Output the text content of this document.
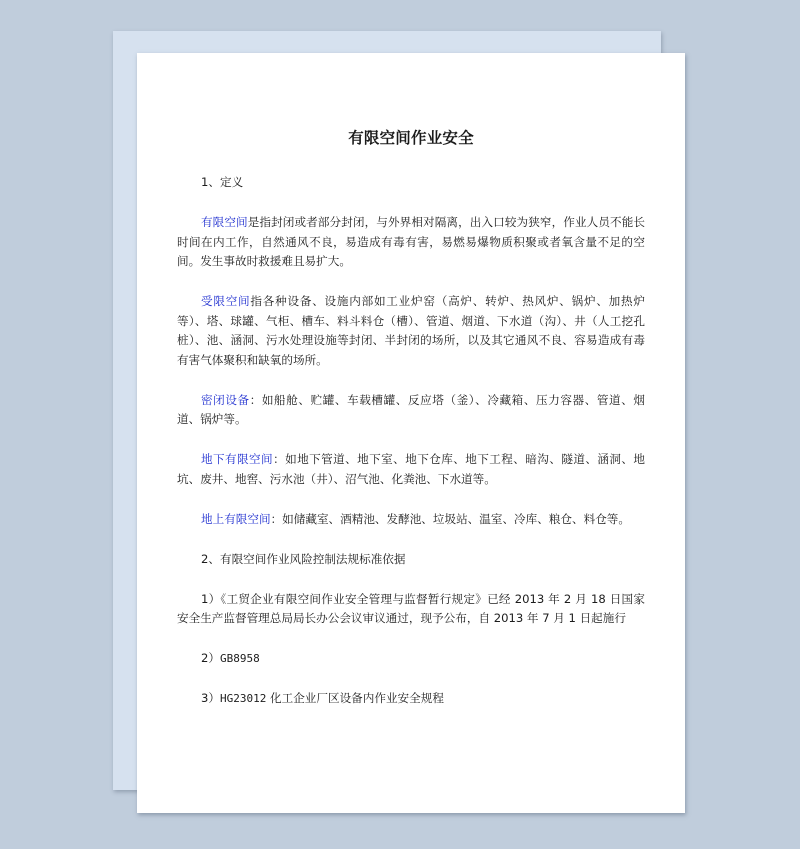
有限空间作业安全

1、定义

有限空间是指封闭或者部分封闭，与外界相对隔离，出入口较为狭窄，作业人员不能长时间在内工作，自然通风不良，易造成有毒有害，易燃易爆物质积聚或者氧含量不足的空间。发生事故时救援难且易扩大。

受限空间指各种设备、设施内部如工业炉窑（高炉、转炉、热风炉、锅炉、加热炉等）、塔、球罐、气柜、槽车、料斗料仓（槽）、管道、烟道、下水道（沟）、井（人工挖孔桩）、池、涵洞、污水处理设施等封闭、半封闭的场所，以及其它通风不良、容易造成有毒有害气体聚积和缺氧的场所。

密闭设备：如船舱、贮罐、车载槽罐、反应塔（釜）、冷藏箱、压力容器、管道、烟道、锅炉等。

地下有限空间：如地下管道、地下室、地下仓库、地下工程、暗沟、隧道、涵洞、地坑、废井、地窖、污水池（井）、沼气池、化粪池、下水道等。

地上有限空间：如储藏室、酒精池、发酵池、垃圾站、温室、冷库、粮仓、料仓等。

2、有限空间作业风险控制法规标准依据

1）《工贸企业有限空间作业安全管理与监督暂行规定》已经 2013 年 2 月 18 日国家安全生产监督管理总局局长办公会议审议通过，现予公布，自 2013 年 7 月 1 日起施行

2）GB8958

3）HG23012 化工企业厂区设备内作业安全规程
